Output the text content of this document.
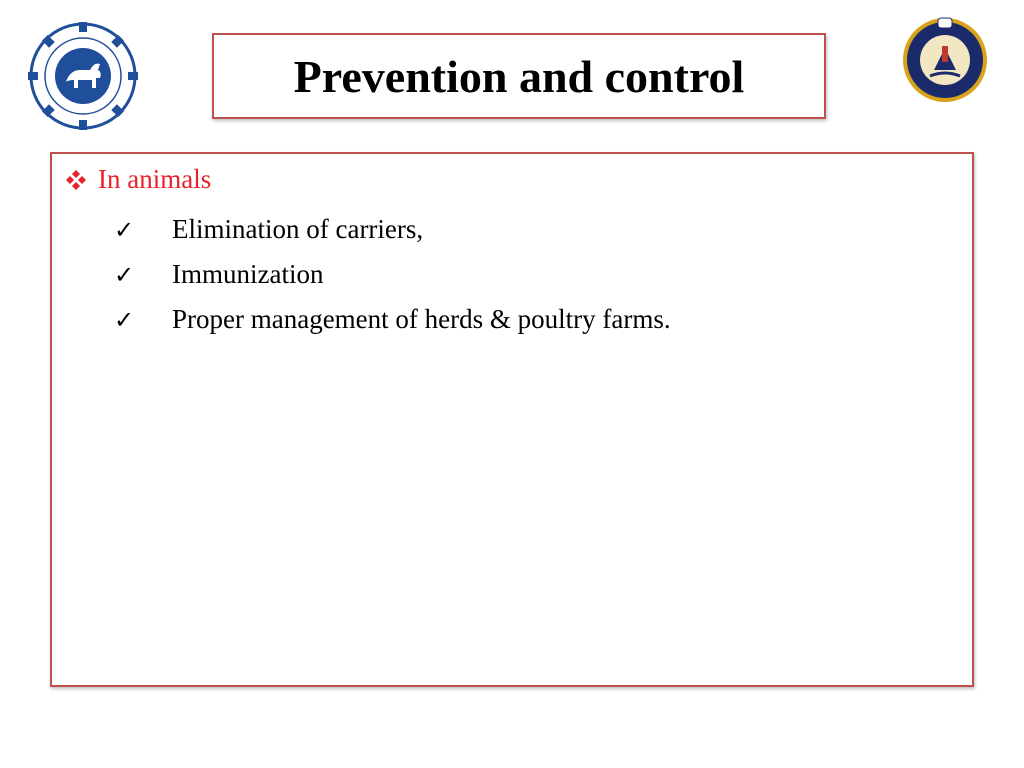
Prevention and control
In animals
✓	Elimination of carriers,
✓	Immunization
✓	Proper management of herds & poultry farms.
